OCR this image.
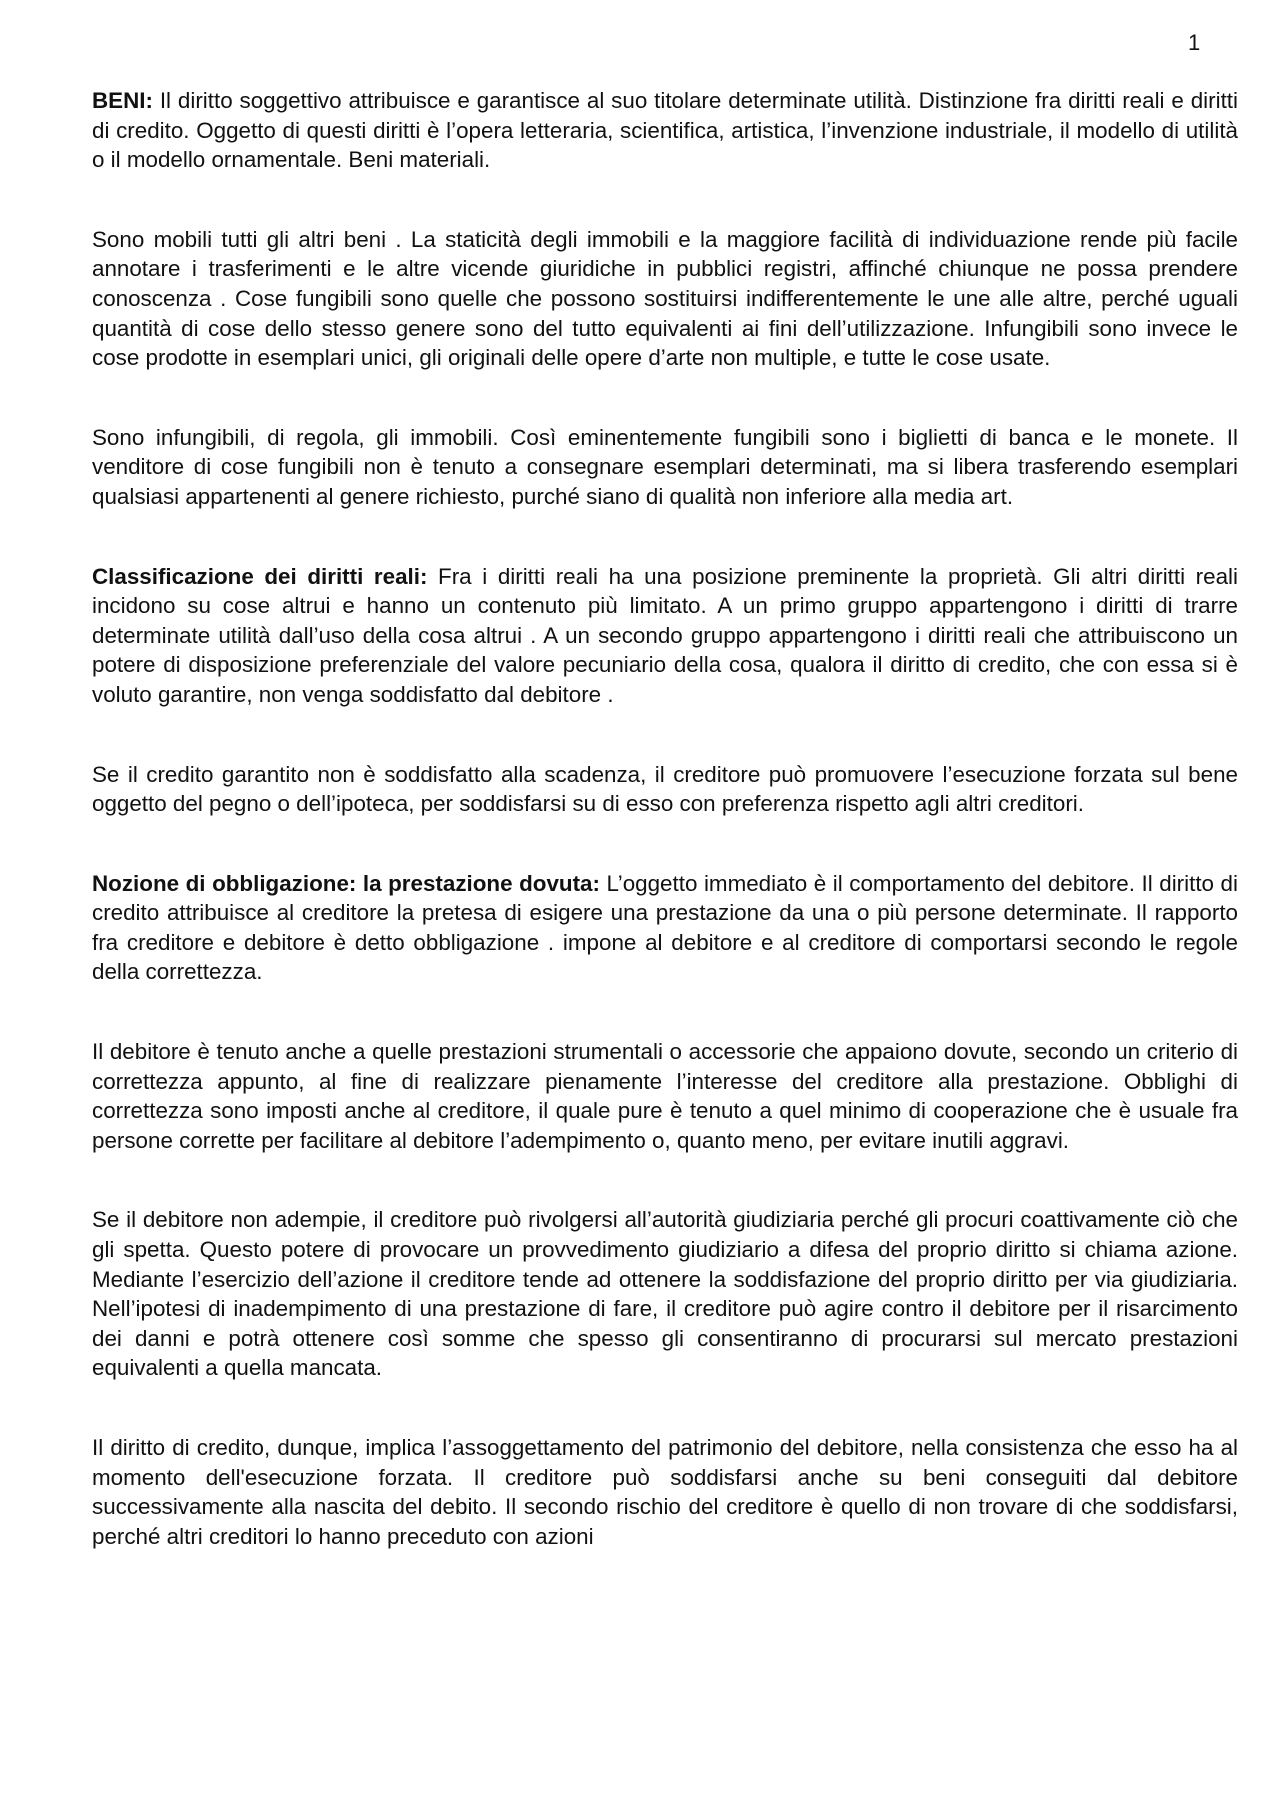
1

BENI: Il diritto soggettivo attribuisce e garantisce al suo titolare determinate utilità. Distinzione fra diritti reali e diritti di credito. Oggetto di questi diritti è l’opera letteraria, scientifica, artistica, l’invenzione industriale, il modello di utilità o il modello ornamentale. Beni materiali.

Sono mobili tutti gli altri beni . La staticità degli immobili e la maggiore facilità di individuazione rende più facile annotare i trasferimenti e le altre vicende giuridiche in pubblici registri, affinché chiunque ne possa prendere conoscenza . Cose fungibili sono quelle che possono sostituirsi indifferentemente le une alle altre, perché uguali quantità di cose dello stesso genere sono del tutto equivalenti ai fini dell’utilizzazione. Infungibili sono invece le cose prodotte in esemplari unici, gli originali delle opere d’arte non multiple, e tutte le cose usate.

Sono infungibili, di regola, gli immobili. Così eminentemente fungibili sono i biglietti di banca e le monete. Il venditore di cose fungibili non è tenuto a consegnare esemplari determinati, ma si libera trasferendo esemplari qualsiasi appartenenti al genere richiesto, purché siano di qualità non inferiore alla media art.

Classificazione dei diritti reali: Fra i diritti reali ha una posizione preminente la proprietà. Gli altri diritti reali incidono su cose altrui e hanno un contenuto più limitato. A un primo gruppo appartengono i diritti di trarre determinate utilità dall’uso della cosa altrui . A un secondo gruppo appartengono i diritti reali che attribuiscono un potere di disposizione preferenziale del valore pecuniario della cosa, qualora il diritto di credito, che con essa si è voluto garantire, non venga soddisfatto dal debitore .

Se il credito garantito non è soddisfatto alla scadenza, il creditore può promuovere l’esecuzione forzata sul bene oggetto del pegno o dell’ipoteca, per soddisfarsi su di esso con preferenza rispetto agli altri creditori.

Nozione di obbligazione: la prestazione dovuta: L’oggetto immediato è il comportamento del debitore. Il diritto di credito attribuisce al creditore la pretesa di esigere una prestazione da una o più persone determinate. Il rapporto fra creditore e debitore è detto obbligazione . impone al debitore e al creditore di comportarsi secondo le regole della correttezza.

Il debitore è tenuto anche a quelle prestazioni strumentali o accessorie che appaiono dovute, secondo un criterio di correttezza appunto, al fine di realizzare pienamente l’interesse del creditore alla prestazione. Obblighi di correttezza sono imposti anche al creditore, il quale pure è tenuto a quel minimo di cooperazione che è usuale fra persone corrette per facilitare al debitore l’adempimento o, quanto meno, per evitare inutili aggravi.

Se il debitore non adempie, il creditore può rivolgersi all’autorità giudiziaria perché gli procuri coattivamente ciò che gli spetta. Questo potere di provocare un provvedimento giudiziario a difesa del proprio diritto si chiama azione. Mediante l’esercizio dell’azione il creditore tende ad ottenere la soddisfazione del proprio diritto per via giudiziaria. Nell’ipotesi di inadempimento di una prestazione di fare, il creditore può agire contro il debitore per il risarcimento dei danni e potrà ottenere così somme che spesso gli consentiranno di procurarsi sul mercato prestazioni equivalenti a quella mancata.

Il diritto di credito, dunque, implica l’assoggettamento del patrimonio del debitore, nella consistenza che esso ha al momento dell'esecuzione forzata. Il creditore può soddisfarsi anche su beni conseguiti dal debitore successivamente alla nascita del debito. Il secondo rischio del creditore è quello di non trovare di che soddisfarsi, perché altri creditori lo hanno preceduto con azioni
